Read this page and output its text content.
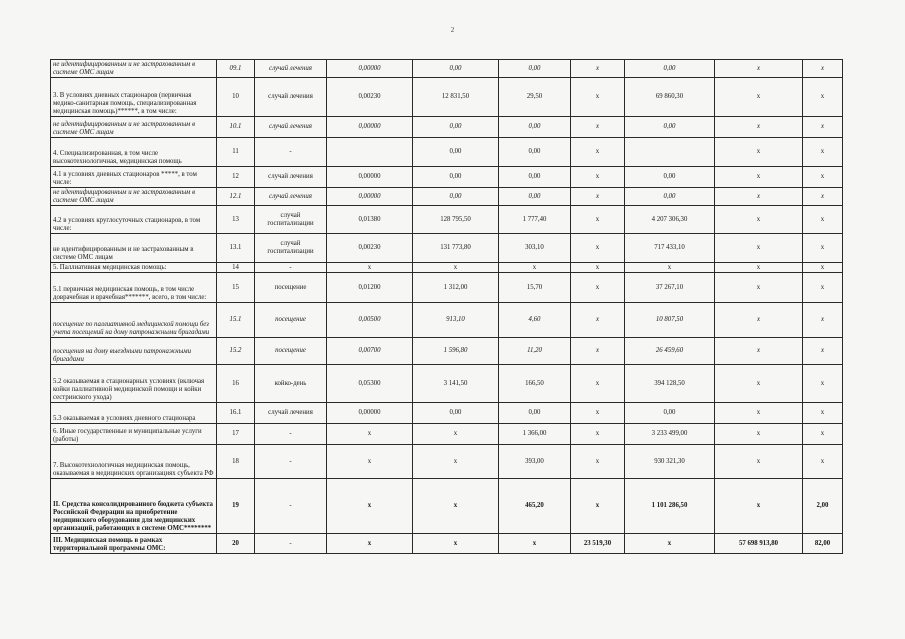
2
не идентифицированным и не застрахованным в системе ОМС лицам	09.1	случай лечения	0,00000	0,00	0,00	x	0,00	x	x
3. В условиях дневных стационаров (первичная медико-санитарная помощь, специализированная медицинская помощь)******, в том числе:	10	случай лечения	0,00230	12 831,50	29,50	x	69 860,30	x	x
не идентифицированным и не застрахованным в системе ОМС лицам	10.1	случай лечения	0,00000	0,00	0,00	x	0,00	x	x
4. Специализированная, в том числе высокотехнологичная, медицинская помощь	11	-		0,00	0,00	x		x	x
4.1 в условиях дневных стационаров *****, в том числе:	12	случай лечения	0,00000	0,00	0,00	x	0,00	x	x
не идентифицированным и не застрахованным в системе ОМС лицам	12.1	случай лечения	0,00000	0,00	0,00	x	0,00	x	x
4.2 в условиях круглосуточных стационаров, в том числе:	13	случай госпитализации	0,01380	128 795,50	1 777,40	x	4 207 306,30	x	x
не идентифицированным и не застрахованным в системе ОМС лицам	13.1	случай госпитализации	0,00230	131 773,80	303,10	x	717 433,10	x	x
5. Паллиативная медицинская помощь:	14	-	x	x	x	x	x	x	x
5.1 первичная медицинская помощь, в том числе доврачебная и врачебная*******, всего, в том числе:	15	посещение	0,01200	1 312,00	15,70	x	37 267,10	x	x
посещение по паллиативной медицинской помощи без учета посещений на дому патронажными бригадами	15.1	посещение	0,00500	913,10	4,60	x	10 807,50	x	x
посещения на дому выездными патронажными бригадами	15.2	посещение	0,00700	1 596,80	11,20	x	26 459,60	x	x
5.2 оказываемая в стационарных условиях (включая койки паллиативной медицинской помощи и койки сестринского ухода)	16	койко-день	0,05300	3 141,50	166,50	x	394 128,50	x	x
5.3 оказываемая в условиях дневного стационара	16.1	случай лечения	0,00000	0,00	0,00	x	0,00	x	x
6. Иные государственные и муниципальные услуги (работы)	17	-	x	x	1 366,00	x	3 233 499,00	x	x
7. Высокотехнологичная медицинская помощь, оказываемая в медицинских организациях субъекта РФ	18	-	x	x	393,00	x	930 321,30	x	x
II. Средства консолидированного бюджета субъекта Российской Федерации на приобретение медицинского оборудования для медицинских организаций, работающих в системе ОМС********	19	-	x	x	465,20	x	1 101 286,50	x	2,00
III. Медицинская помощь в рамках территориальной программы ОМС:	20	-	x	x	x	23 519,30	x	57 698 913,80	82,00
